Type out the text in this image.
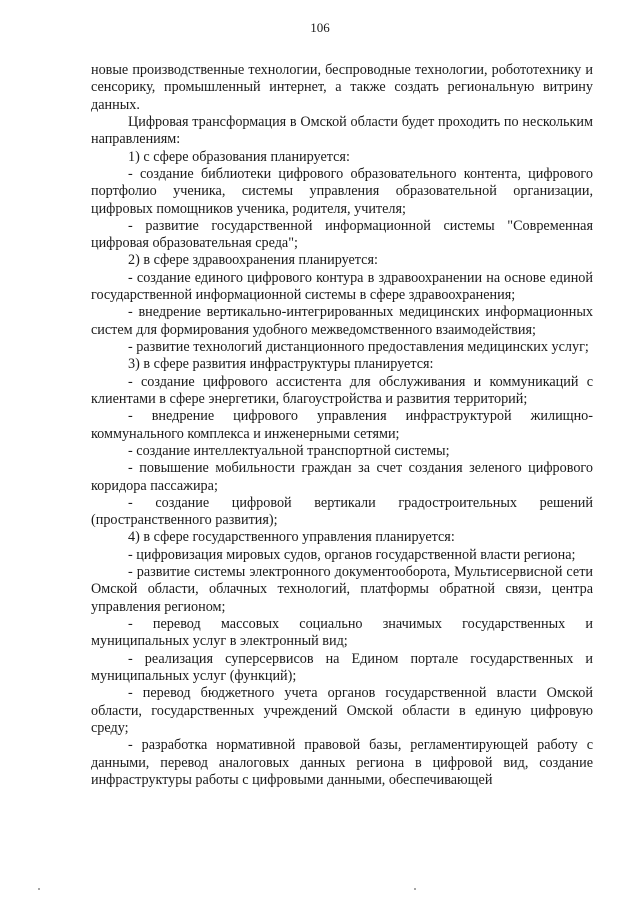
106

новые производственные технологии, беспроводные технологии, робототехнику и сенсорику, промышленный интернет, а также создать региональную витрину данных.

Цифровая трансформация в Омской области будет проходить по нескольким направлениям:

1) с сфере образования планируется:

- создание библиотеки цифрового образовательного контента, цифрового портфолио ученика, системы управления образовательной организации, цифровых помощников ученика, родителя, учителя;

- развитие государственной информационной системы "Современная цифровая образовательная среда";

2) в сфере здравоохранения планируется:

- создание единого цифрового контура в здравоохранении на основе единой государственной информационной системы в сфере здравоохранения;

- внедрение вертикально-интегрированных медицинских информационных систем для формирования удобного межведомственного взаимодействия;

- развитие технологий дистанционного предоставления медицинских услуг;

3) в сфере развития инфраструктуры планируется:

- создание цифрового ассистента для обслуживания и коммуникаций с клиентами в сфере энергетики, благоустройства и развития территорий;

- внедрение цифрового управления инфраструктурой жилищно-коммунального комплекса и инженерными сетями;

- создание интеллектуальной транспортной системы;

- повышение мобильности граждан за счет создания зеленого цифрового коридора пассажира;

- создание цифровой вертикали градостроительных решений (пространственного развития);

4) в сфере государственного управления планируется:

- цифровизация мировых судов, органов государственной власти региона;

- развитие системы электронного документооборота, Мультисервисной сети Омской области, облачных технологий, платформы обратной связи, центра управления регионом;

- перевод массовых социально значимых государственных и муниципальных услуг в электронный вид;

- реализация суперсервисов на Едином портале государственных и муниципальных услуг (функций);

- перевод бюджетного учета органов государственной власти Омской области, государственных учреждений Омской области в единую цифровую среду;

- разработка нормативной правовой базы, регламентирующей работу с данными, перевод аналоговых данных региона в цифровой вид, создание инфраструктуры работы с цифровыми данными, обеспечивающей
